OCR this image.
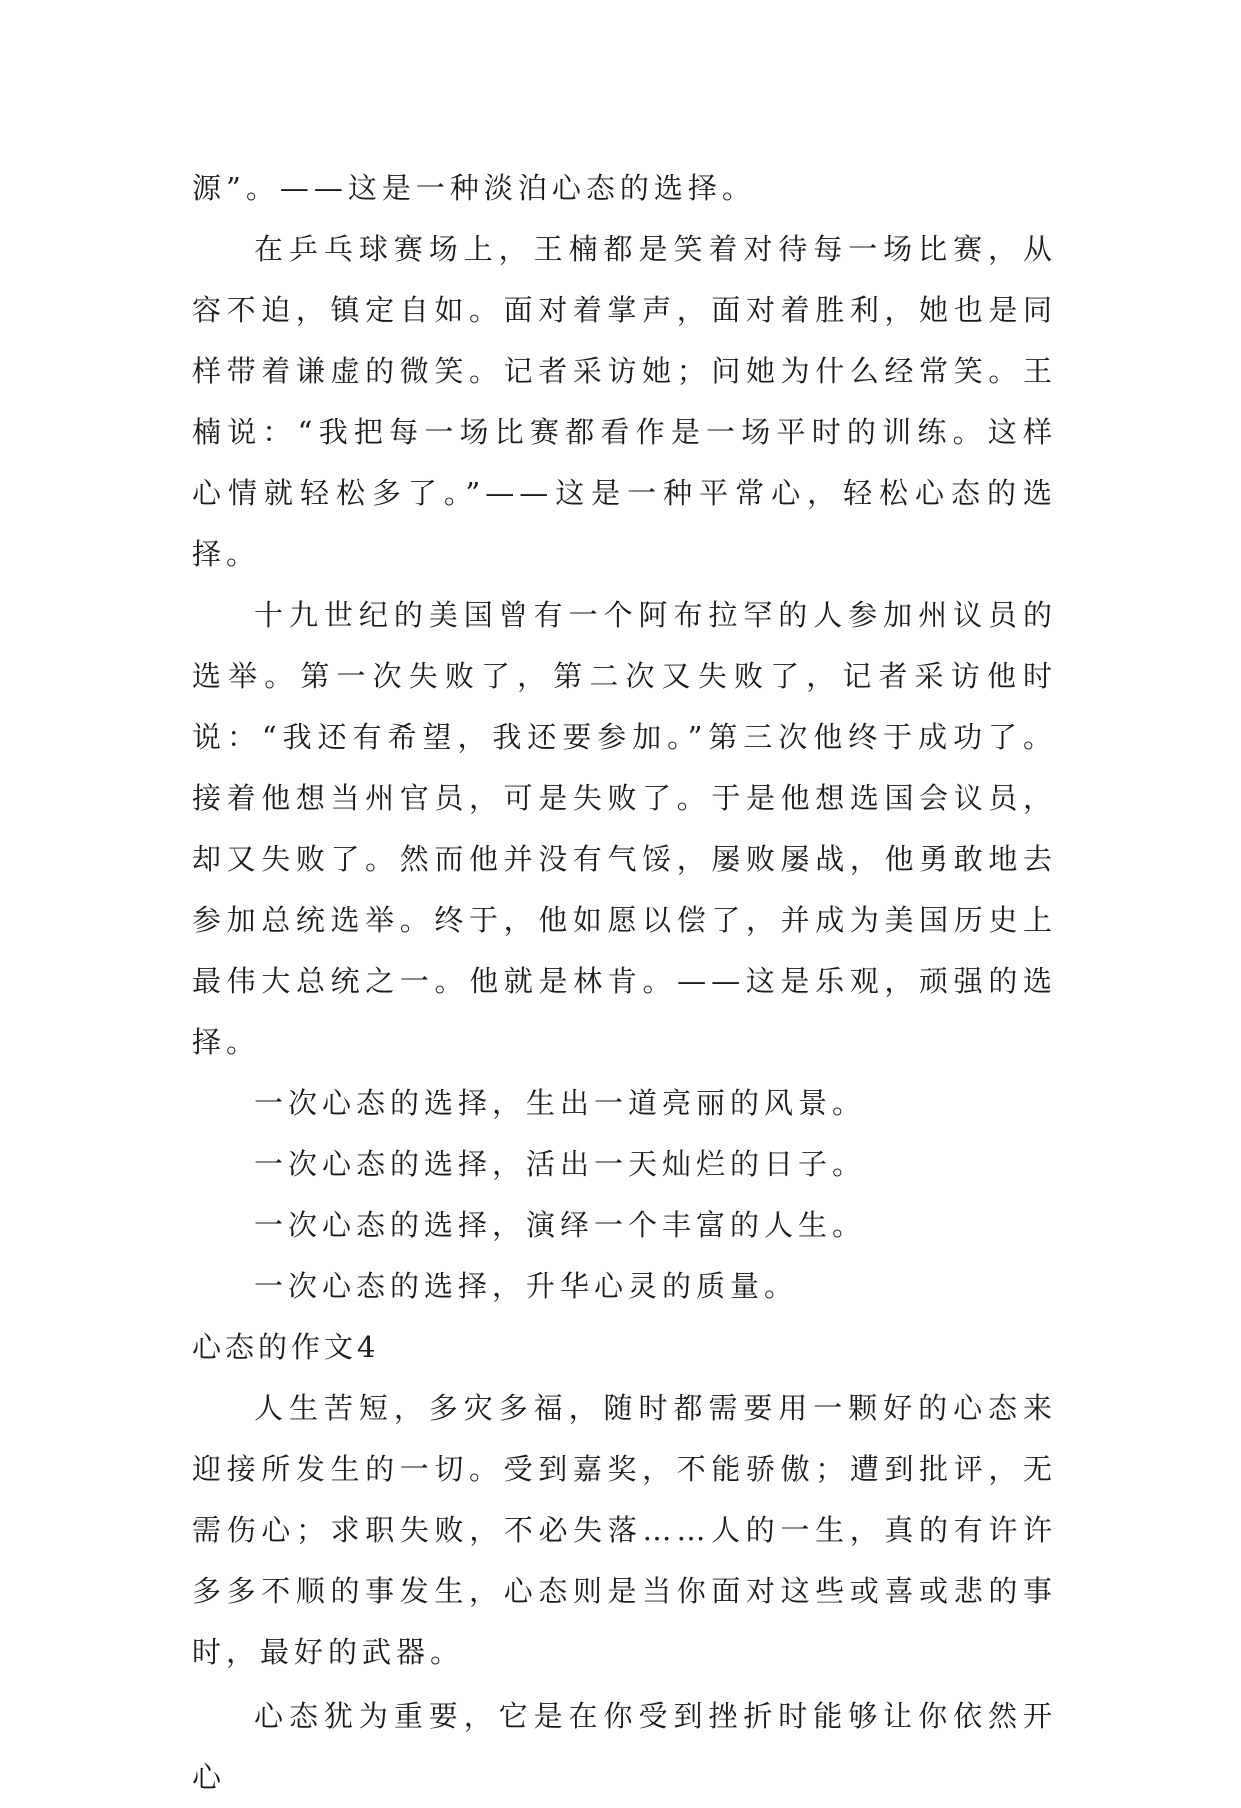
源”。——这是一种淡泊心态的选择。

在乒乓球赛场上，王楠都是笑着对待每一场比赛，从容不迫，镇定自如。面对着掌声，面对着胜利，她也是同样带着谦虚的微笑。记者采访她；问她为什么经常笑。王楠说：“我把每一场比赛都看作是一场平时的训练。这样心情就轻松多了。”——这是一种平常心，轻松心态的选择。

十九世纪的美国曾有一个阿布拉罕的人参加州议员的选举。第一次失败了，第二次又失败了，记者采访他时说：“我还有希望，我还要参加。”第三次他终于成功了。接着他想当州官员，可是失败了。于是他想选国会议员，却又失败了。然而他并没有气馁，屡败屡战，他勇敢地去参加总统选举。终于，他如愿以偿了，并成为美国历史上最伟大总统之一。他就是林肯。——这是乐观，顽强的选择。

一次心态的选择，生出一道亮丽的风景。

一次心态的选择，活出一天灿烂的日子。

一次心态的选择，演绎一个丰富的人生。

一次心态的选择，升华心灵的质量。

心态的作文4

人生苦短，多灾多福，随时都需要用一颗好的心态来迎接所发生的一切。受到嘉奖，不能骄傲；遭到批评，无需伤心；求职失败，不必失落……人的一生，真的有许许多多不顺的事发生，心态则是当你面对这些或喜或悲的事时，最好的武器。

心态犹为重要，它是在你受到挫折时能够让你依然开心
